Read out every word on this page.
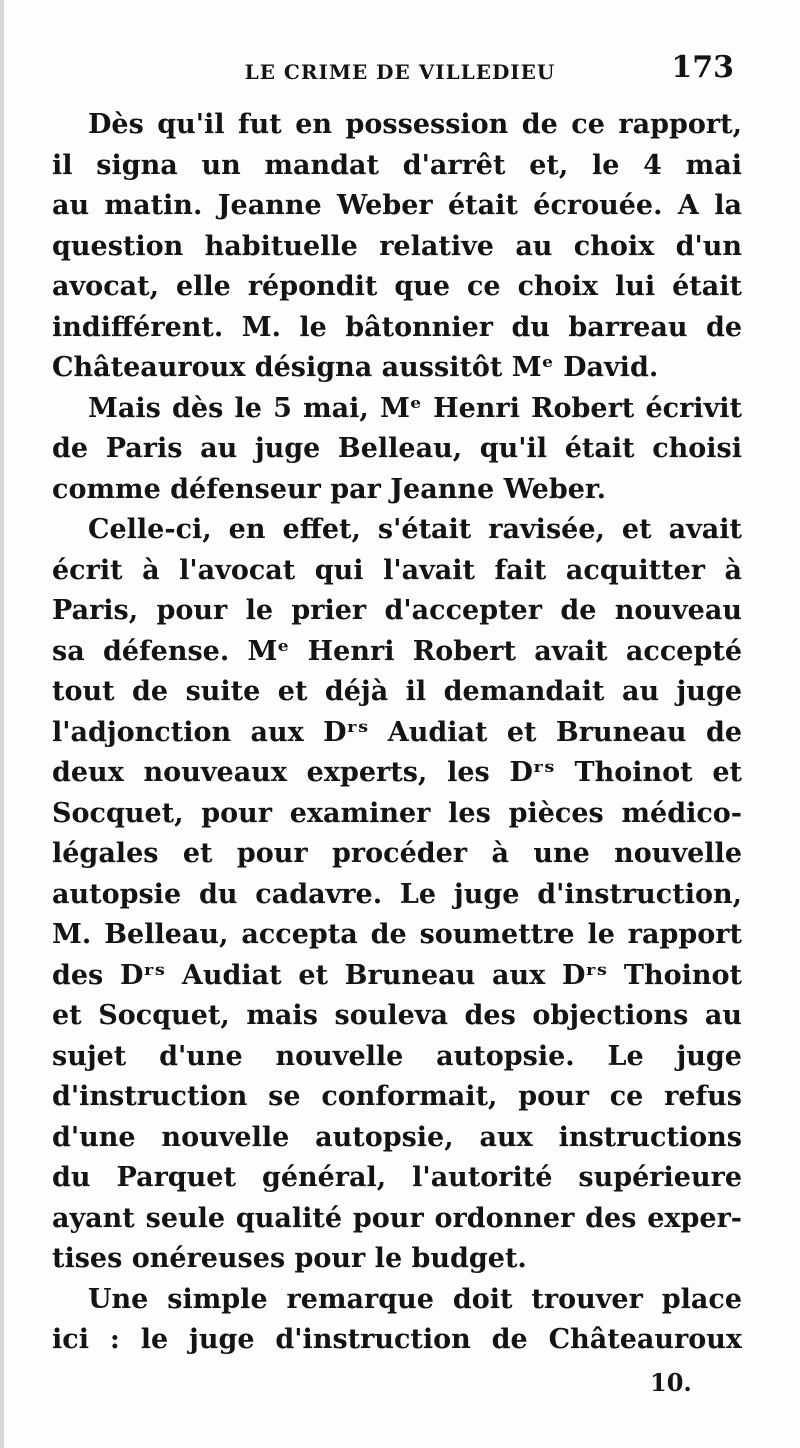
LE CRIME DE VILLEDIEU	173
Dès qu'il fut en possession de ce rapport,
il signa un mandat d'arrêt et, le 4 mai
au matin. Jeanne Weber était écrouée. A la
question habituelle relative au choix d'un
avocat, elle répondit que ce choix lui était
indifférent. M. le bâtonnier du barreau de
Châteauroux désigna aussitôt Mᵉ David.
Mais dès le 5 mai, Mᵉ Henri Robert écrivit
de Paris au juge Belleau, qu'il était choisi
comme défenseur par Jeanne Weber.
Celle-ci, en effet, s'était ravisée, et avait
écrit à l'avocat qui l'avait fait acquitter à
Paris, pour le prier d'accepter de nouveau
sa défense. Mᵉ Henri Robert avait accepté
tout de suite et déjà il demandait au juge
l'adjonction aux Dʳˢ Audiat et Bruneau de
deux nouveaux experts, les Dʳˢ Thoinot et
Socquet, pour examiner les pièces médico-
légales et pour procéder à une nouvelle
autopsie du cadavre. Le juge d'instruction,
M. Belleau, accepta de soumettre le rapport
des Dʳˢ Audiat et Bruneau aux Dʳˢ Thoinot
et Socquet, mais souleva des objections au
sujet d'une nouvelle autopsie. Le juge
d'instruction se conformait, pour ce refus
d'une nouvelle autopsie, aux instructions
du Parquet général, l'autorité supérieure
ayant seule qualité pour ordonner des exper-
tises onéreuses pour le budget.
Une simple remarque doit trouver place
ici : le juge d'instruction de Châteauroux
10.
